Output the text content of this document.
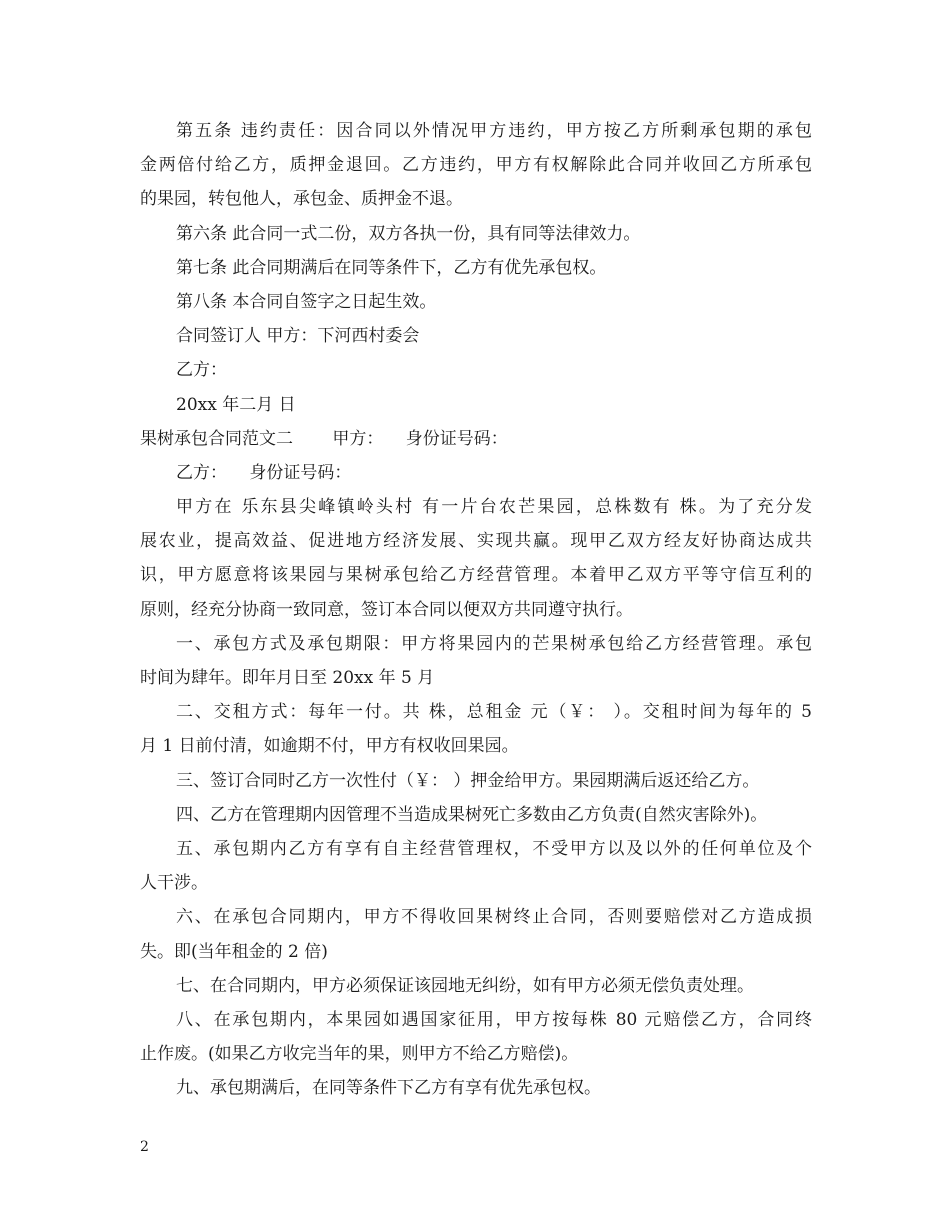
第五条 违约责任：因合同以外情况甲方违约，甲方按乙方所剩承包期的承包
金两倍付给乙方，质押金退回。乙方违约，甲方有权解除此合同并收回乙方所承包
的果园，转包他人，承包金、质押金不退。
第六条 此合同一式二份，双方各执一份，具有同等法律效力。
第七条 此合同期满后在同等条件下，乙方有优先承包权。
第八条 本合同自签字之日起生效。
合同签订人 甲方：下河西村委会
乙方：
20xx 年二月 日
果树承包合同范文二 　　甲方： 　身份证号码：
乙方： 　身份证号码：
甲方在 乐东县尖峰镇岭头村 有一片台农芒果园，总株数有 株。为了充分发
展农业，提高效益、促进地方经济发展、实现共赢。现甲乙双方经友好协商达成共
识，甲方愿意将该果园与果树承包给乙方经营管理。本着甲乙双方平等守信互利的
原则，经充分协商一致同意，签订本合同以便双方共同遵守执行。
一、承包方式及承包期限：甲方将果园内的芒果树承包给乙方经营管理。承包
时间为肆年。即年月日至 20xx 年 5 月
二、交租方式：每年一付。共 株，总租金 元（￥： ）。交租时间为每年的 5
月 1 日前付清，如逾期不付，甲方有权收回果园。
三、签订合同时乙方一次性付（￥： ）押金给甲方。果园期满后返还给乙方。
四、乙方在管理期内因管理不当造成果树死亡多数由乙方负责(自然灾害除外)。
五、承包期内乙方有享有自主经营管理权，不受甲方以及以外的任何单位及个
人干涉。
六、在承包合同期内，甲方不得收回果树终止合同，否则要赔偿对乙方造成损
失。即(当年租金的 2 倍)
七、在合同期内，甲方必须保证该园地无纠纷，如有甲方必须无偿负责处理。
八、在承包期内，本果园如遇国家征用，甲方按每株 80 元赔偿乙方，合同终
止作废。(如果乙方收完当年的果，则甲方不给乙方赔偿)。
九、承包期满后，在同等条件下乙方有享有优先承包权。
2
